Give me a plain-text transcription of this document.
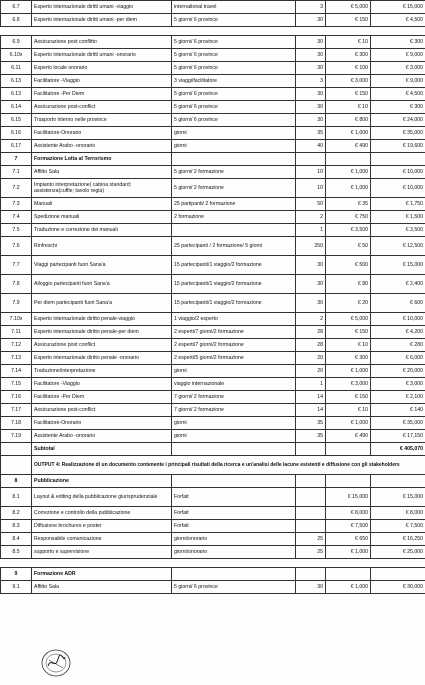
6.7	Esperto internazionale diritti umani -viaggio	international travel	3	€ 5,000	€ 15,000
6.8	Esperto internazionale diritti umani -per diem	5 giorni/ 6 province	30	€ 150	€ 4,500

6.9	Assicurazione post conflitto	5 giorni/ 6 province	30	€ 10	€ 300
6.10x	Esperto internazionale diritti umani -onorario	5 giorni/ 6 province	30	€ 300	€ 9,000
6.11	Esperto locale onorario	5 giorni/ 6 province	30	€ 100	€ 3,000
6.13	Facilitatore -Viaggio	3 viaggi/facilitatore	3	€ 3,000	€ 9,000
6.13	Facilitatore -Per Diem	5 giorni/ 6 province	30	€ 150	€ 4,500
6.14	Assicurazione post-conflict	5 giorni/ 6 province	30	€ 10	€ 300
6.15	Trasporto interno nelle province	5 giorni/ 6 province	30	€ 800	€ 24,000
6.16	Facilitatore-Onorario	giorni	35	€ 1,000	€ 35,000
6.17	Assistente Arabo -onorario	giorni	40	€ 490	€ 19,600
7	Formazione Lotta al Terrorismo				
7.1	Affitto Sala	5 giorni/ 2 formazione	10	€ 1,000	€ 10,000
7.2	Impianto interpretazione( cabina standard; assistenza(cuffie; tavolo regia)	5 giorni/ 2 formazione	10	€ 1,000	€ 10,000
7.3	Manuali	25 partipanti/ 2 formazione	50	€ 35	€ 1,750
7.4	Spedizione manuali	2 formazione	2	€ 750	€ 1,500
7.5	Traduzione e correzione dei manuali		1	€ 3,500	€ 3,500
7.6	Rinfreschi	25 partecipanti / 2 formazione/ 5 giorni	250	€ 50	€ 12,500
7.7	Viaggi partecipanti fuori Sana'a	15 partecipanti/1 viaggio/2 formazione	30	€ 500	€ 15,000
7.8	Alloggio partecipanti fuori Sana'a	15 partecipanti/1 viaggio/2 formazione	30	€ 80	€ 2,400
7.9	Per diem partecipanti fuori Sana'a	15 partecipanti/1 viaggio/2 formazione	30	€ 20	€ 600
7.10x	Esperto internazionale diritto penale-viaggio	1 viaggio/2 esperto	2	€ 5,000	€ 10,000
7.11	Esperto internazionale diritto penale-per diem	2 esperti/7 giorni/2 formazione	28	€ 150	€ 4,200
7.12	Assicurazione post conflict	2 esperti/7 giorni/2 formazione	28	€ 10	€ 280
7.13	Esperto internazionale diritto penale -onorario	2 esperti/5 giorni/2 formazione	20	€ 300	€ 6,000
7.14	Traduzione/interpretazione	giorni	20	€ 1,000	€ 20,000
7.15	Facilitatore -Viaggio	viaggio internazionale	1	€ 3,000	€ 3,000
7.16	Facilitatore -Per Diem	7 giorni/ 2 formazione	14	€ 150	€ 2,100
7.17	Assicurazione post-conflict	7 giorni/ 2 formazione	14	€ 10	€ 140
7.18	Facilitatore-Onorario	giorni	35	€ 1,000	€ 35,000
7.19	Assistente Arabo -onorario	giorni	35	€ 490	€ 17,150
	Subtotal				€ 405,070
	OUTPUT 4: Realizzazione di un documento contenente i principali risultati della ricerca e un'analisi delle lacune esistenti e diffusione con gli stakeholders				
8	Pubblicazione				
8.1	Layout & editing della pubblicazione giurisprudenziale	Forfait		€ 15,000	€ 15,000
8.2	Correzione e controllo della pubblicazione	Forfait		€ 8,000	€ 8,000
8.3	Diffusione brochures e poster	Forfait		€ 7,500	€ 7,500
8.4	Responsabile comunicazione	giorni/onorario	25	€ 650	€ 16,250
8.5	supporto e supervisione	giorni/onorario	25	€ 1,000	€ 25,000

9	Formazione ADR				
9.1	Affitto Sala	5 giorni/ 6 province	30	€ 1,000	€ 30,000
